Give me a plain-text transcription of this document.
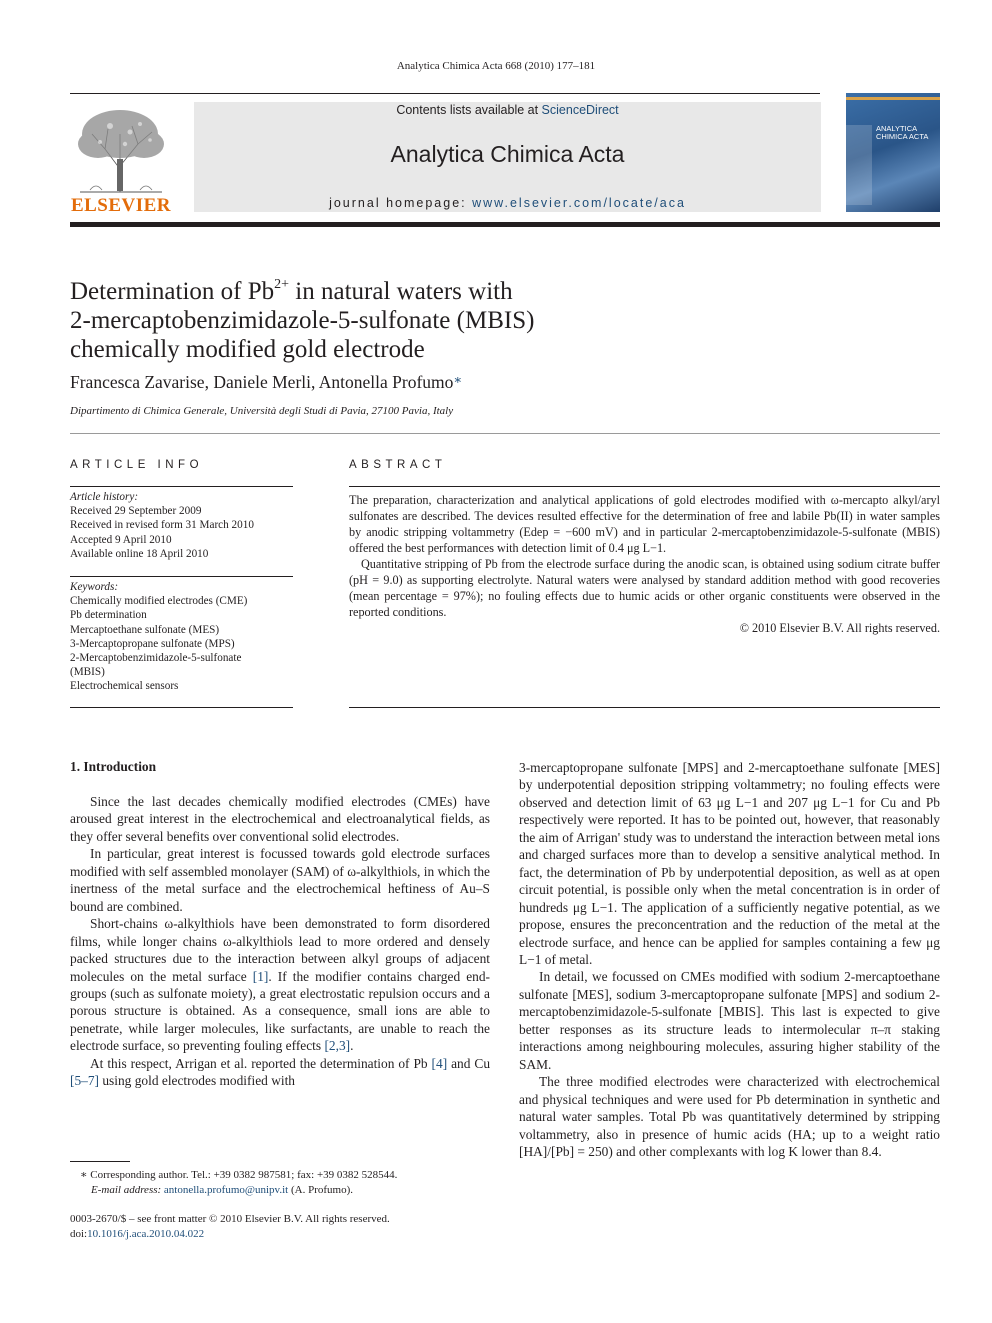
Analytica Chimica Acta 668 (2010) 177–181
ELSEVIER
Contents lists available at ScienceDirect
Analytica Chimica Acta
journal homepage: www.elsevier.com/locate/aca
ANALYTICA
CHIMICA ACTA
Determination of $Pb^{2+}$ in natural waters with
2-mercaptobenzimidazole-5-sulfonate (MBIS)
chemically modified gold electrode
Francesca Zavarise, Daniele Merli, Antonella Profumo∗
Dipartimento di Chimica Generale, Università degli Studi di Pavia, 27100 Pavia, Italy
ARTICLE INFO
Article history:
Received 29 September 2009
Received in revised form 31 March 2010
Accepted 9 April 2010
Available online 18 April 2010
Keywords:
Chemically modified electrodes (CME)
Pb determination
Mercaptoethane sulfonate (MES)
3-Mercaptopropane sulfonate (MPS)
2-Mercaptobenzimidazole-5-sulfonate
(MBIS)
Electrochemical sensors
ABSTRACT

The preparation, characterization and analytical applications of gold electrodes modified with ω-mercapto alkyl/aryl sulfonates are described. The devices resulted effective for the determination of free and labile Pb(II) in water samples by anodic stripping voltammetry (Edep = −600 mV) and in particular 2-mercaptobenzimidazole-5-sulfonate (MBIS) offered the best performances with detection limit of 0.4 μg L−1.

Quantitative stripping of Pb from the electrode surface during the anodic scan, is obtained using sodium citrate buffer (pH = 9.0) as supporting electrolyte. Natural waters were analysed by standard addition method with good recoveries (mean percentage = 97%); no fouling effects due to humic acids or other organic constituents were observed in the reported conditions.

© 2010 Elsevier B.V. All rights reserved.
1. Introduction

Since the last decades chemically modified electrodes (CMEs) have aroused great interest in the electrochemical and electroanalytical fields, as they offer several benefits over conventional solid electrodes.

In particular, great interest is focussed towards gold electrode surfaces modified with self assembled monolayer (SAM) of ω-alkylthiols, in which the inertness of the metal surface and the electrochemical heftiness of Au–S bound are combined.

Short-chains ω-alkylthiols have been demonstrated to form disordered films, while longer chains ω-alkylthiols lead to more ordered and densely packed structures due to the interaction between alkyl groups of adjacent molecules on the metal surface [1]. If the modifier contains charged end-groups (such as sulfonate moiety), a great electrostatic repulsion occurs and a porous structure is obtained. As a consequence, small ions are able to penetrate, while larger molecules, like surfactants, are unable to reach the electrode surface, so preventing fouling effects [2,3].

At this respect, Arrigan et al. reported the determination of Pb [4] and Cu [5–7] using gold electrodes modified with

3-mercaptopropane sulfonate [MPS] and 2-mercaptoethane sulfonate [MES] by underpotential deposition stripping voltammetry; no fouling effects were observed and detection limit of 63 μg L−1 and 207 μg L−1 for Cu and Pb respectively were reported. It has to be pointed out, however, that reasonably the aim of Arrigan' study was to understand the interaction between metal ions and charged surfaces more than to develop a sensitive analytical method. In fact, the determination of Pb by underpotential deposition, as well as at open circuit potential, is possible only when the metal concentration is in order of hundreds μg L−1. The application of a sufficiently negative potential, as we propose, ensures the preconcentration and the reduction of the metal at the electrode surface, and hence can be applied for samples containing a few μg L−1 of metal.

In detail, we focussed on CMEs modified with sodium 2-mercaptoethane sulfonate [MES], sodium 3-mercaptopropane sulfonate [MPS] and sodium 2-mercaptobenzimidazole-5-sulfonate [MBIS]. This last is expected to give better responses as its structure leads to intermolecular π–π staking interactions among neighbouring molecules, assuring higher stability of the SAM.

The three modified electrodes were characterized with electrochemical and physical techniques and were used for Pb determination in synthetic and natural water samples. Total Pb was quantitatively determined by stripping voltammetry, also in presence of humic acids (HA; up to a weight ratio [HA]/[Pb] = 250) and other complexants with log K lower than 8.4.

∗ Corresponding author. Tel.: +39 0382 987581; fax: +39 0382 528544.
E-mail address: antonella.profumo@unipv.it (A. Profumo).
0003-2670/$ – see front matter © 2010 Elsevier B.V. All rights reserved.
doi:10.1016/j.aca.2010.04.022
